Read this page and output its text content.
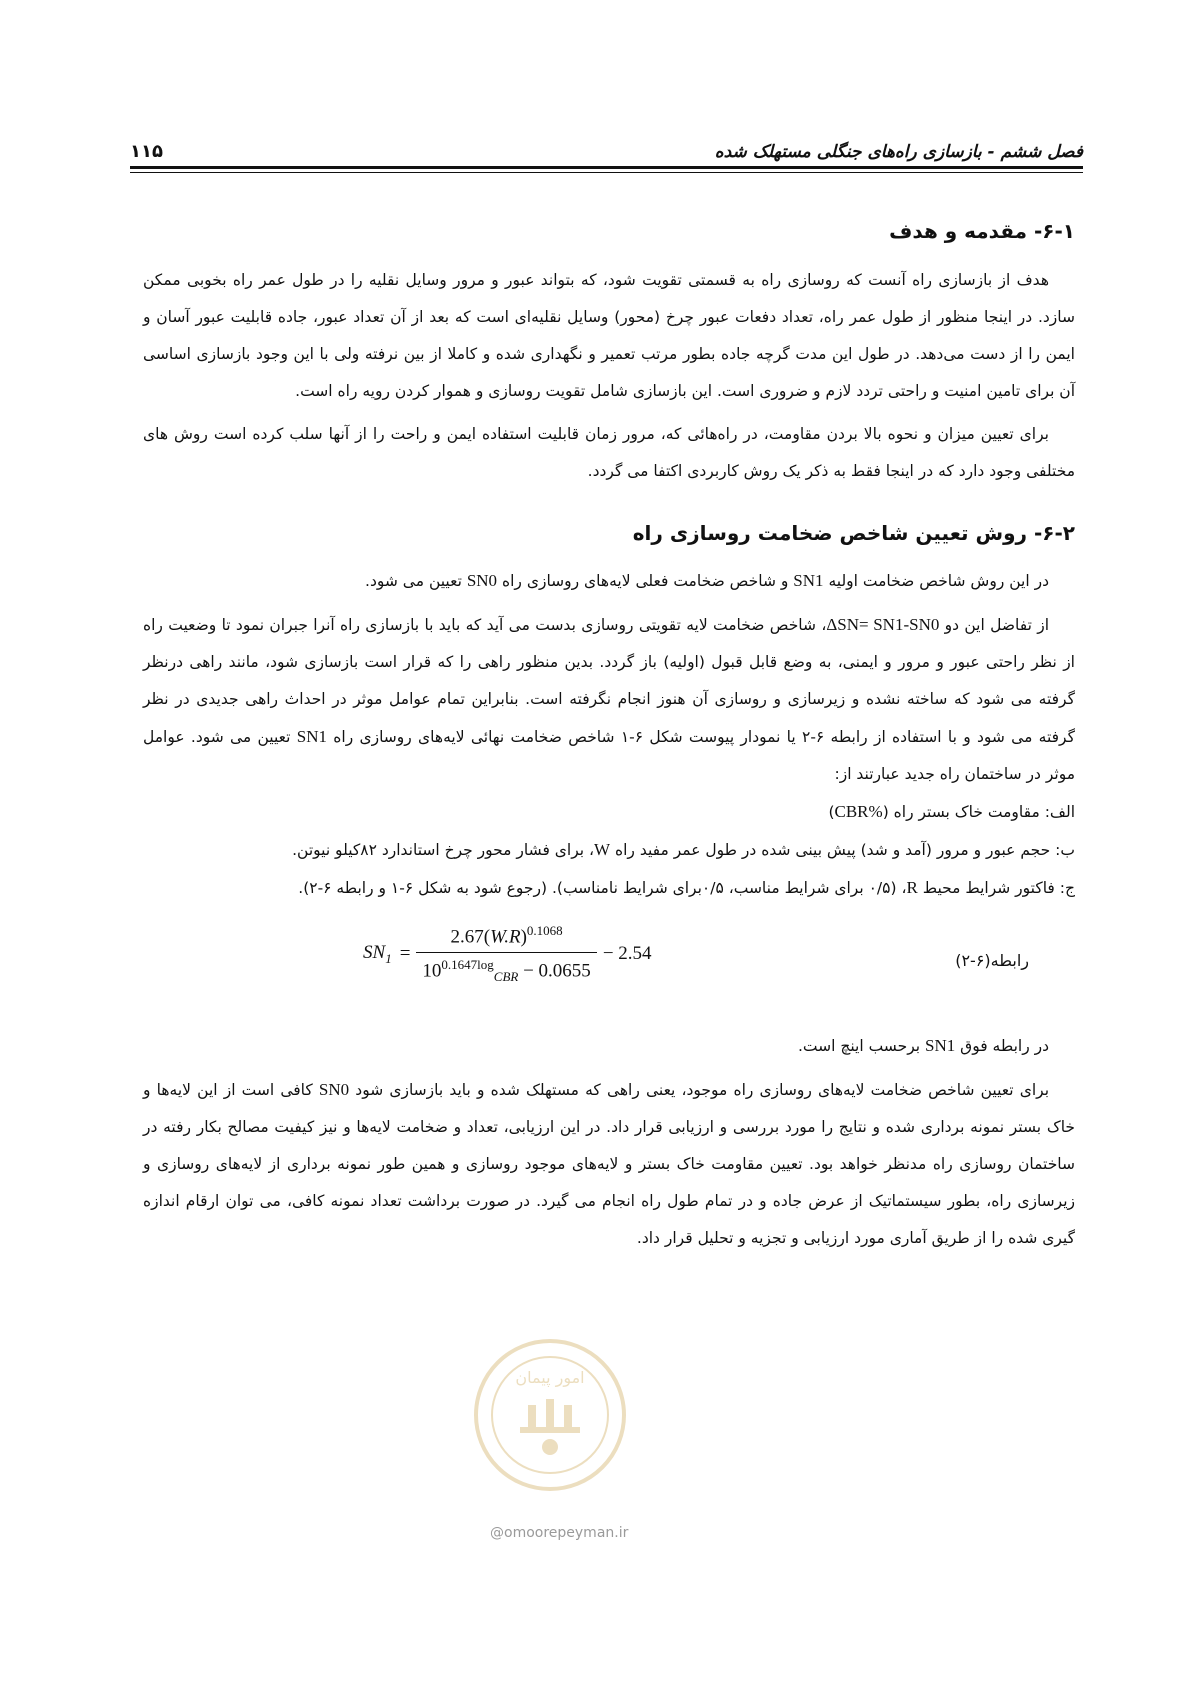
فصل ششم - بازسازی راه‌های جنگلی مستهلک شده
۱۱۵
۶-۱- مقدمه و هدف

هدف از بازسازی راه آنست که روسازی راه به قسمتی تقویت شود، که بتواند عبور و مرور وسایل نقلیه را در طول عمر راه بخوبی ممکن سازد. در اینجا منظور از طول عمر راه، تعداد دفعات عبور چرخ (محور) وسایل نقلیه‌ای است که بعد از آن تعداد عبور، جاده قابلیت عبور آسان و ایمن را از دست می‌دهد. در طول این مدت گرچه جاده بطور مرتب تعمیر و نگهداری شده و کاملا از بین نرفته ولی با این وجود بازسازی اساسی آن برای تامین امنیت و راحتی تردد لازم و ضروری است. این بازسازی شامل تقویت روسازی و هموار کردن رویه راه است.

برای تعیین میزان و نحوه بالا بردن مقاومت، در راه‌هائی که، مرور زمان قابلیت استفاده ایمن و راحت را از آنها سلب کرده است روش های مختلفی وجود دارد که در اینجا فقط به ذکر یک روش کاربردی اکتفا می گردد.

۶-۲- روش تعیین شاخص ضخامت روسازی راه

در این روش شاخص ضخامت اولیه SN1 و شاخص ضخامت فعلی لایه‌های روسازی راه SN0 تعیین می شود.

از تفاضل این دو ΔSN= SN1-SN0، شاخص ضخامت لایه تقویتی روسازی بدست می آید که باید با بازسازی راه آنرا جبران نمود تا وضعیت راه از نظر راحتی عبور و مرور و ایمنی، به وضع قابل قبول (اولیه) باز گردد. بدین منظور راهی را که قرار است بازسازی شود، مانند راهی درنظر گرفته می شود که ساخته نشده و زیرسازی و روسازی آن هنوز انجام نگرفته است. بنابراین تمام عوامل موثر در احداث راهی جدیدی در نظر گرفته می شود و با استفاده از رابطه ۶-۲ یا نمودار پیوست شکل ۶-۱ شاخص ضخامت نهائی لایه‌های روسازی راه SN1 تعیین می شود. عوامل موثر در ساختمان راه جدید عبارتند از:

الف: مقاومت خاک بستر راه (CBR%)

ب: حجم عبور و مرور (آمد و شد) پیش بینی شده در طول عمر مفید راه W، برای فشار محور چرخ استاندارد ۸۲کیلو نیوتن.

ج: فاکتور شرایط محیط R، (۰/۵ برای شرایط مناسب، ۰/۵برای شرایط نامناسب). (رجوع شود به شکل ۶-۱ و رابطه ۶-۲).

رابطه(۶-۲)
$SN_1 = \frac{2.67(W.R)^{0.1068}}{10^{0.1647log}_{CBR} - 0.0655} - 2.54$

در رابطه فوق SN1 برحسب اینچ است.

برای تعیین شاخص ضخامت لایه‌های روسازی راه موجود، یعنی راهی که مستهلک شده و باید بازسازی شود SN0 کافی است از این لایه‌ها و خاک بستر نمونه برداری شده و نتایج را مورد بررسی و ارزیابی قرار داد. در این ارزیابی، تعداد و ضخامت لایه‌ها و نیز کیفیت مصالح بکار رفته در ساختمان روسازی راه مدنظر خواهد بود. تعیین مقاومت خاک بستر و لایه‌های موجود روسازی و همین طور نمونه برداری از لایه‌های روسازی و زیرسازی راه، بطور سیستماتیک از عرض جاده و در تمام طول راه انجام می گیرد. در صورت برداشت تعداد نمونه کافی، می توان ارقام اندازه گیری شده را از طریق آماری مورد ارزیابی و تجزیه و تحلیل قرار داد.

امور پیمان
@omoorepeyman.ir
